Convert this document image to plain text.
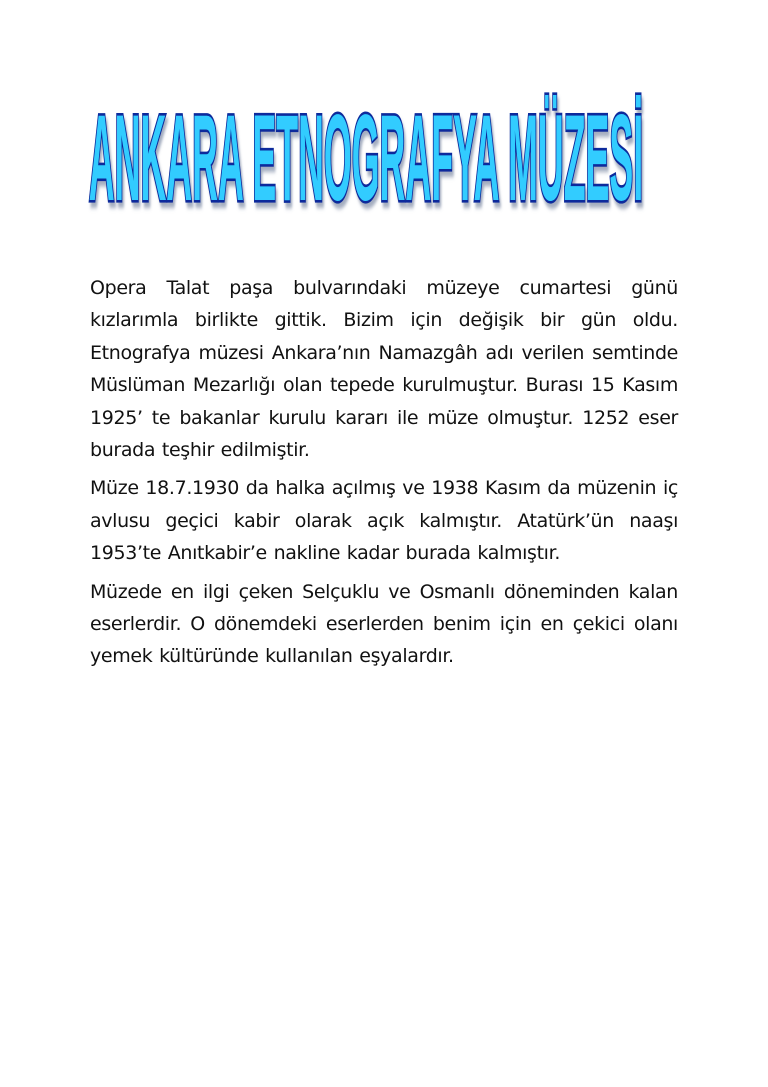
ANKARA ETNOGRAFYA MÜZESİ

Opera Talat paşa bulvarındaki müzeye cumartesi günü kızlarımla birlikte gittik. Bizim için değişik bir gün oldu. Etnografya müzesi Ankara’nın Namazgâh adı verilen semtinde Müslüman Mezarlığı olan tepede kurulmuştur. Burası 15 Kasım 1925’ te bakanlar kurulu kararı ile müze olmuştur. 1252 eser burada teşhir edilmiştir.

Müze 18.7.1930 da halka açılmış ve 1938 Kasım da müzenin iç avlusu geçici kabir olarak açık kalmıştır. Atatürk’ün naaşı 1953’te Anıtkabir’e nakline kadar burada kalmıştır.

Müzede en ilgi çeken Selçuklu ve Osmanlı döneminden kalan eserlerdir. O dönemdeki eserlerden benim için en çekici olanı yemek kültüründe kullanılan eşyalardır.
